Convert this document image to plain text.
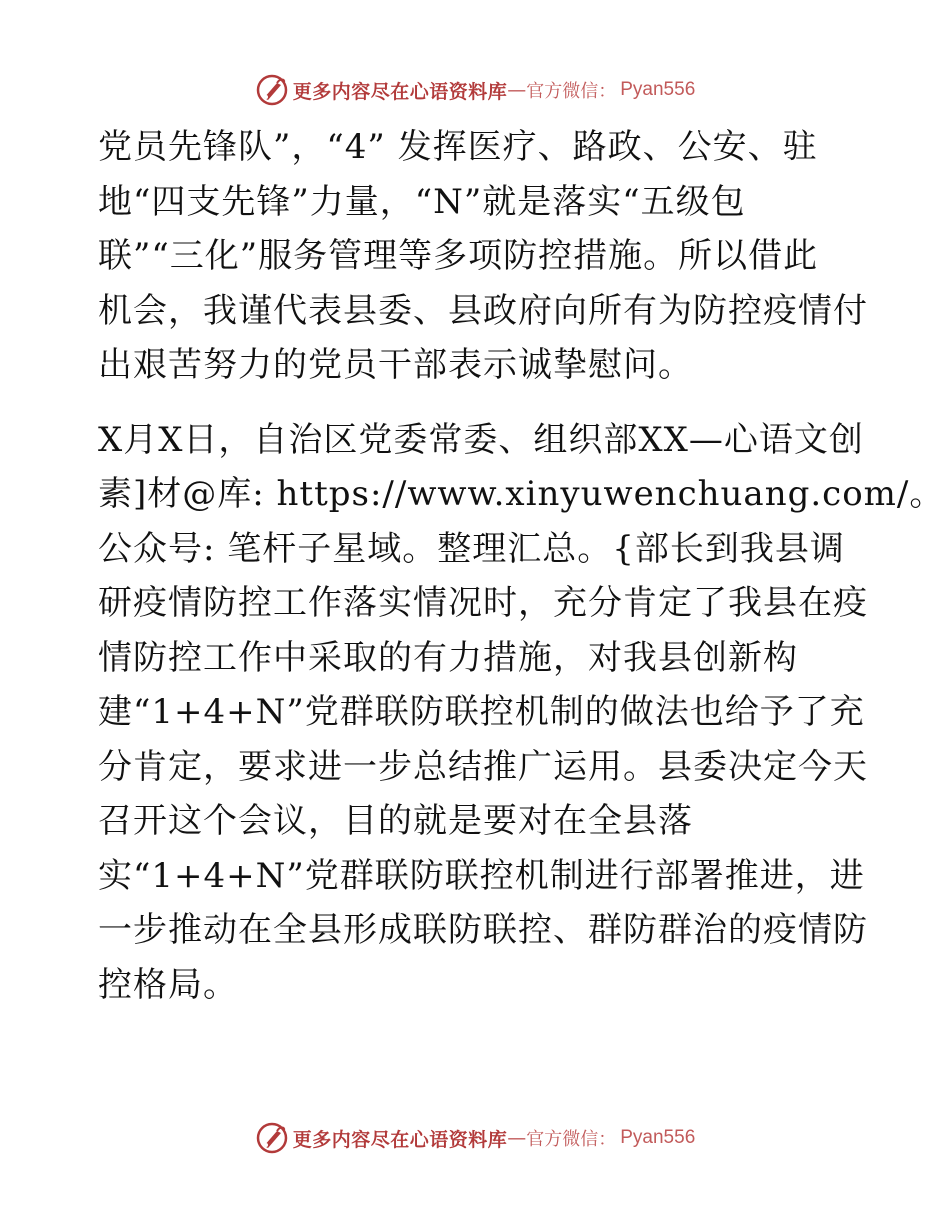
更多内容尽在心语资料库 — 官方微信： Pyan556
党员先锋队”，“4” 发挥医疗、路政、公安、驻
地“四支先锋”力量，“N”就是落实“五级包
联”“三化”服务管理等多项防控措施。所以借此
机会，我谨代表县委、县政府向所有为防控疫情付
出艰苦努力的党员干部表示诚挚慰问。
X月X日，自治区党委常委、组织部XX—心语文创
素]材@库: https://www.xinyuwenchuang.com/。
公众号: 笔杆子星域。整理汇总。{部长到我县调
研疫情防控工作落实情况时，充分肯定了我县在疫
情防控工作中采取的有力措施，对我县创新构
建“1+4+N”党群联防联控机制的做法也给予了充
分肯定，要求进一步总结推广运用。县委决定今天
召开这个会议，目的就是要对在全县落
实“1+4+N”党群联防联控机制进行部署推进，进
一步推动在全县形成联防联控、群防群治的疫情防
控格局。
更多内容尽在心语资料库 — 官方微信： Pyan556
